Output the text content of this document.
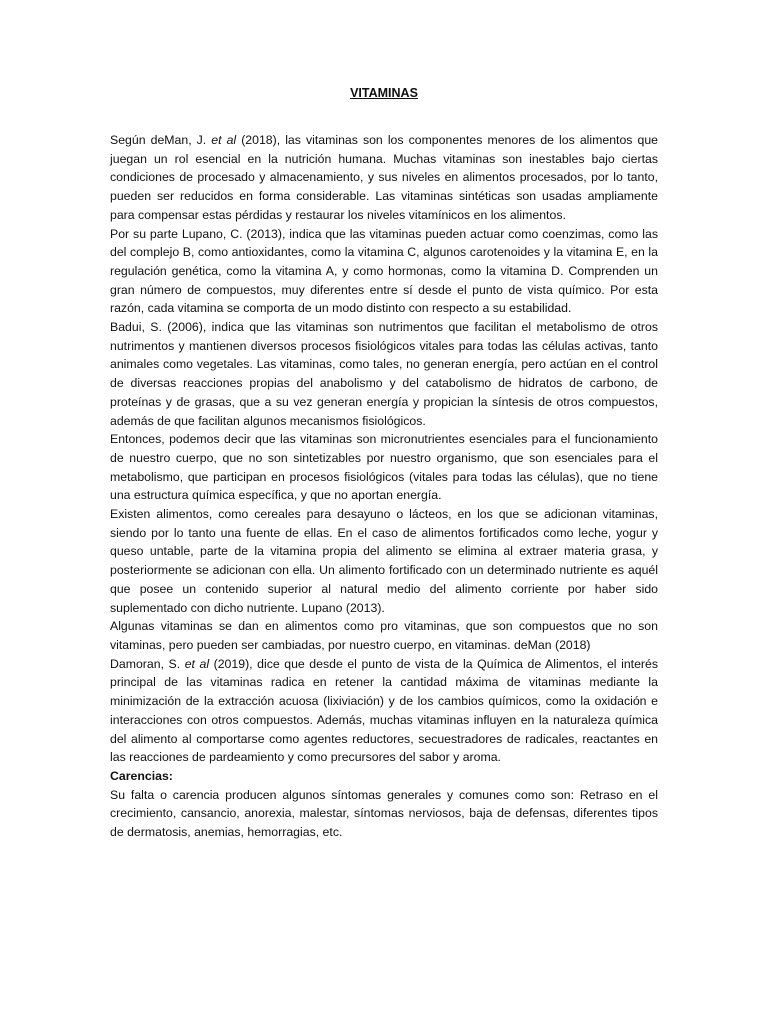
VITAMINAS

Según deMan, J. et al (2018), las vitaminas son los componentes menores de los alimentos que juegan un rol esencial en la nutrición humana. Muchas vitaminas son inestables bajo ciertas condiciones de procesado y almacenamiento, y sus niveles en alimentos procesados, por lo tanto, pueden ser reducidos en forma considerable. Las vitaminas sintéticas son usadas ampliamente para compensar estas pérdidas y restaurar los niveles vitamínicos en los alimentos.

Por su parte Lupano, C. (2013), indica que las vitaminas pueden actuar como coenzimas, como las del complejo B, como antioxidantes, como la vitamina C, algunos carotenoides y la vitamina E, en la regulación genética, como la vitamina A, y como hormonas, como la vitamina D. Comprenden un gran número de compuestos, muy diferentes entre sí desde el punto de vista químico. Por esta razón, cada vitamina se comporta de un modo distinto con respecto a su estabilidad.

Badui, S. (2006), indica que las vitaminas son nutrimentos que facilitan el metabolismo de otros nutrimentos y mantienen diversos procesos fisiológicos vitales para todas las células activas, tanto animales como vegetales. Las vitaminas, como tales, no generan energía, pero actúan en el control de diversas reacciones propias del anabolismo y del catabolismo de hidratos de carbono, de proteínas y de grasas, que a su vez generan energía y propician la síntesis de otros compuestos, además de que facilitan algunos mecanismos fisiológicos.

Entonces, podemos decir que las vitaminas son micronutrientes esenciales para el funcionamiento de nuestro cuerpo, que no son sintetizables por nuestro organismo, que son esenciales para el metabolismo, que participan en procesos fisiológicos (vitales para todas las células), que no tiene una estructura química específica, y que no aportan energía.

Existen alimentos, como cereales para desayuno o lácteos, en los que se adicionan vitaminas, siendo por lo tanto una fuente de ellas. En el caso de alimentos fortificados como leche, yogur y queso untable, parte de la vitamina propia del alimento se elimina al extraer materia grasa, y posteriormente se adicionan con ella. Un alimento fortificado con un determinado nutriente es aquél que posee un contenido superior al natural medio del alimento corriente por haber sido suplementado con dicho nutriente. Lupano (2013).

Algunas vitaminas se dan en alimentos como pro vitaminas, que son compuestos que no son vitaminas, pero pueden ser cambiadas, por nuestro cuerpo, en vitaminas. deMan (2018)

Damoran, S. et al (2019), dice que desde el punto de vista de la Química de Alimentos, el interés principal de las vitaminas radica en retener la cantidad máxima de vitaminas mediante la minimización de la extracción acuosa (lixiviación) y de los cambios químicos, como la oxidación e interacciones con otros compuestos. Además, muchas vitaminas influyen en la naturaleza química del alimento al comportarse como agentes reductores, secuestradores de radicales, reactantes en las reacciones de pardeamiento y como precursores del sabor y aroma.

Carencias:

Su falta o carencia producen algunos síntomas generales y comunes como son: Retraso en el crecimiento, cansancio, anorexia, malestar, síntomas nerviosos, baja de defensas, diferentes tipos de dermatosis, anemias, hemorragias, etc.
